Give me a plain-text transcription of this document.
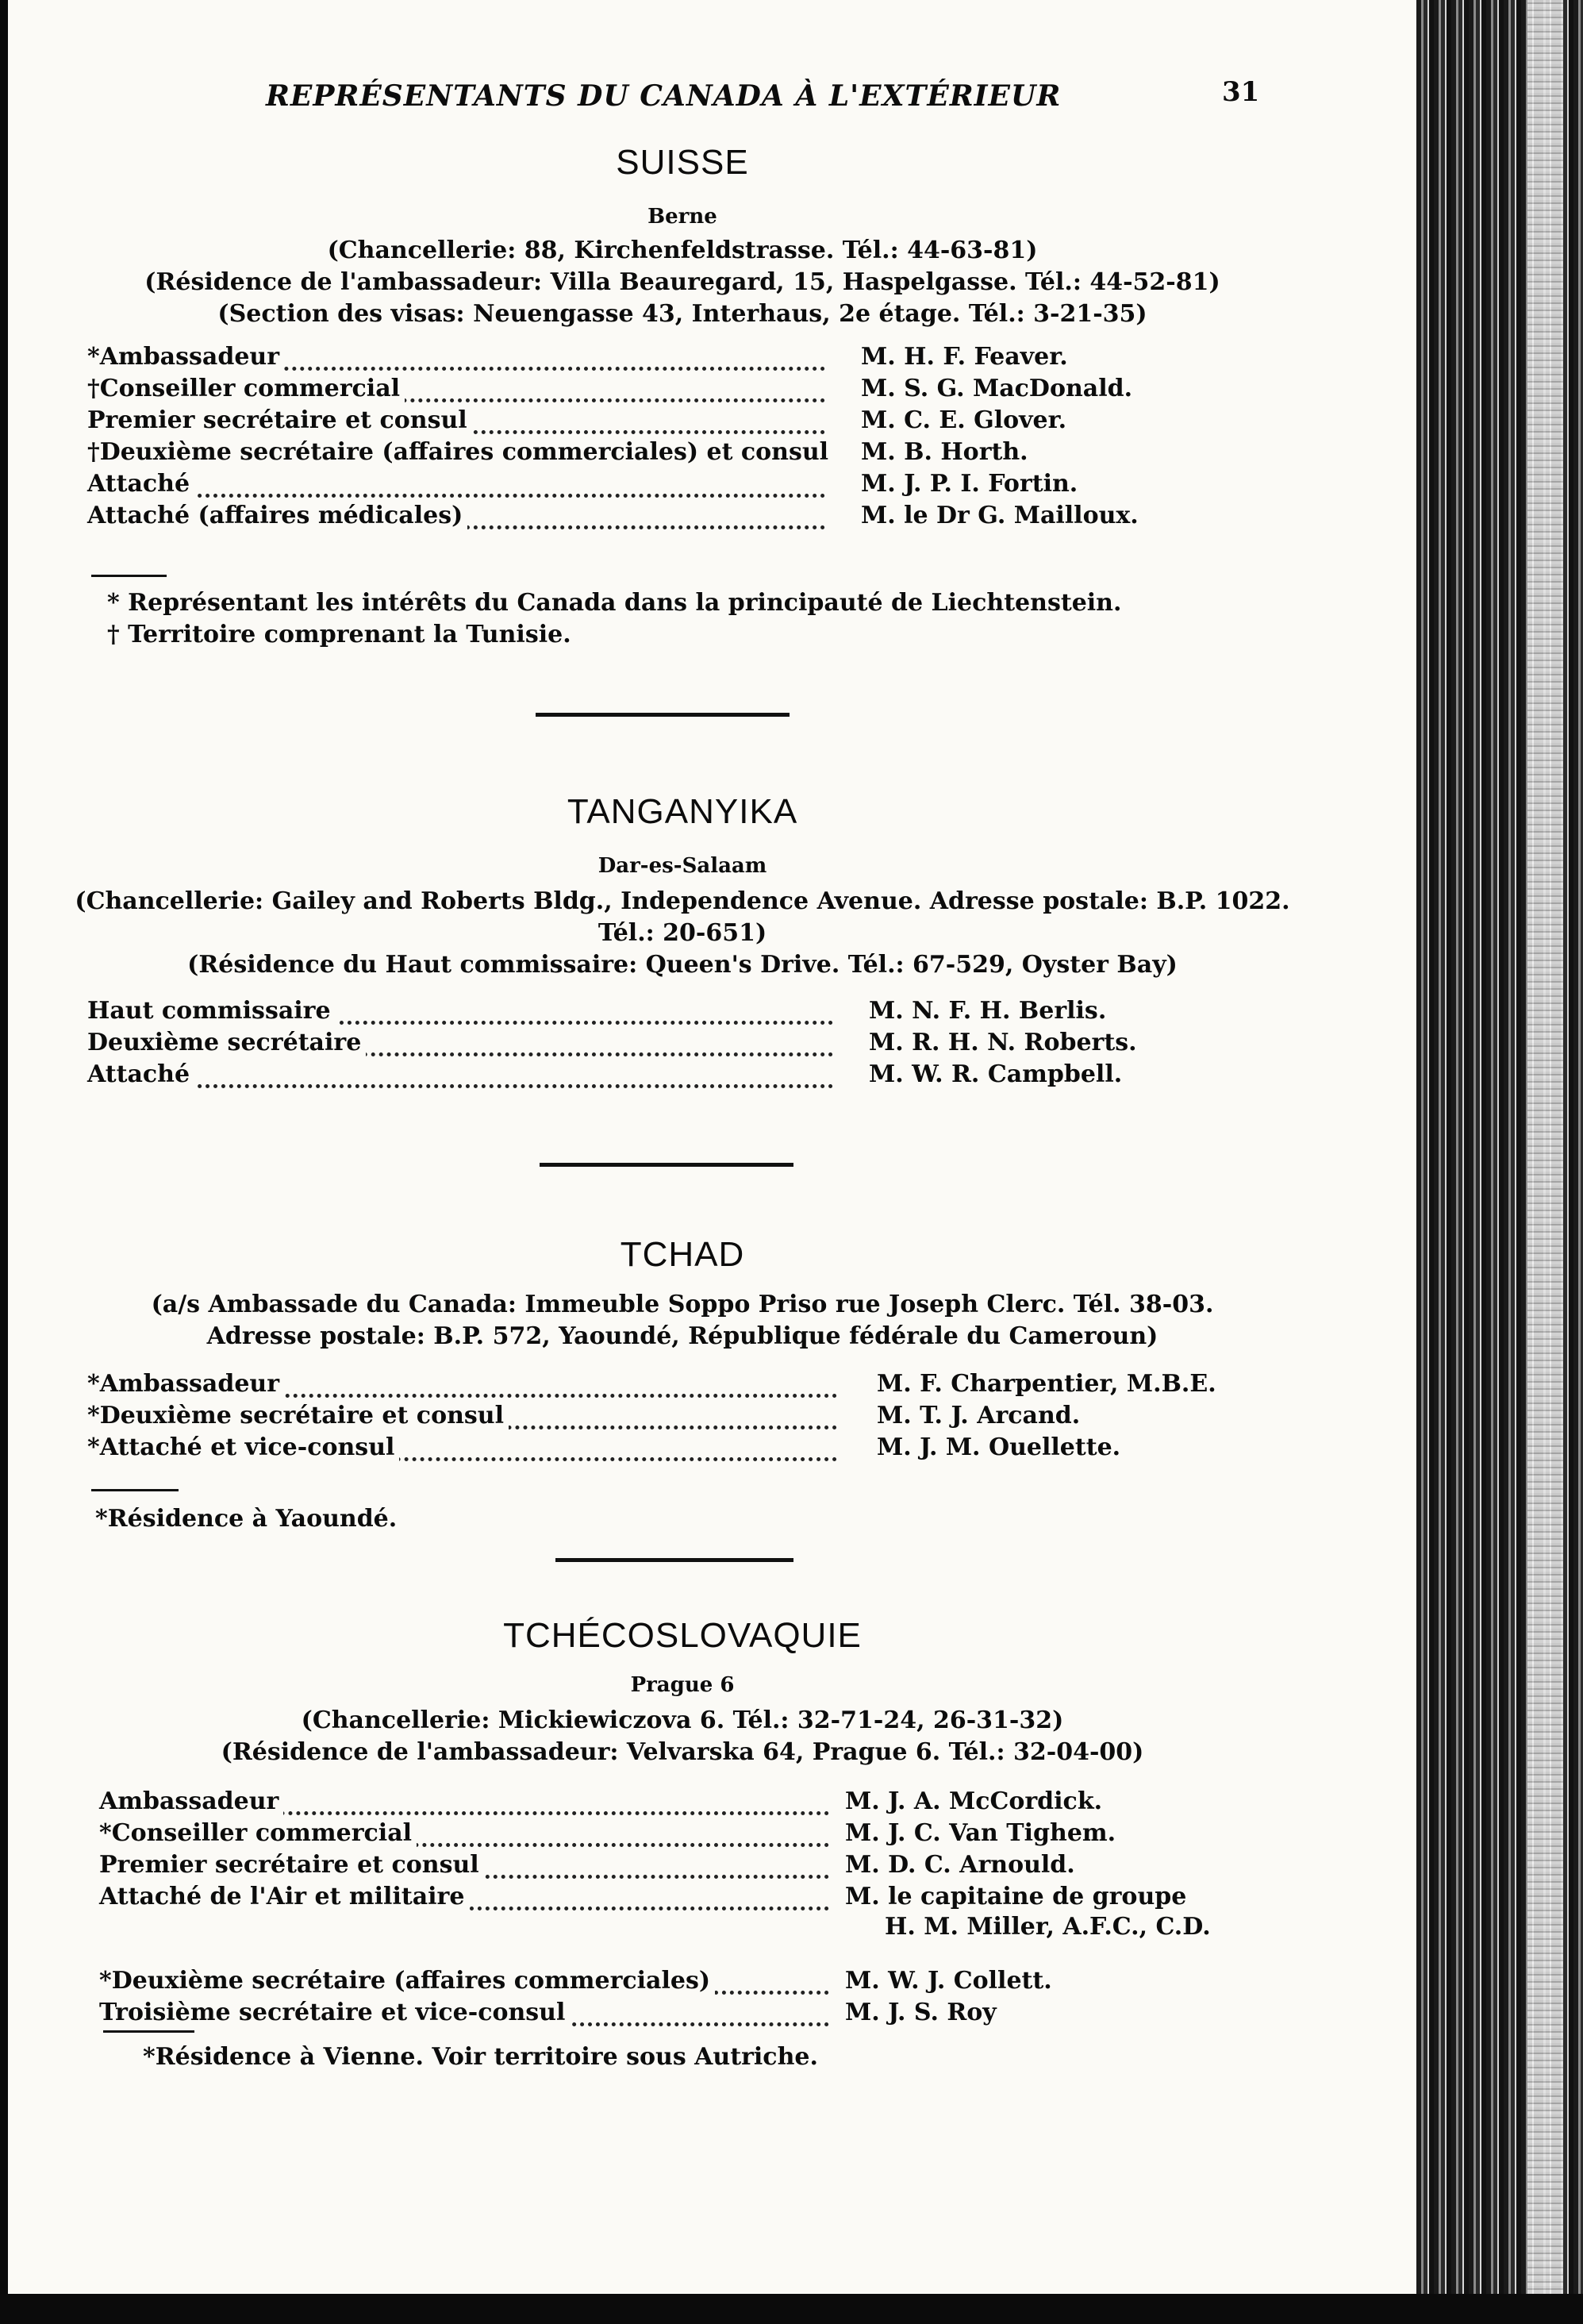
REPRÉSENTANTS DU CANADA À L'EXTÉRIEUR	31
SUISSE
Berne
(Chancellerie: 88, Kirchenfeldstrasse. Tél.: 44-63-81)
(Résidence de l'ambassadeur: Villa Beauregard, 15, Haspelgasse. Tél.: 44-52-81)
(Section des visas: Neuengasse 43, Interhaus, 2e étage. Tél.: 3-21-35)
*Ambassadeur	M. H. F. Feaver.
†Conseiller commercial	M. S. G. MacDonald.
Premier secrétaire et consul	M. C. E. Glover.
†Deuxième secrétaire (affaires commerciales) et consul M. B. Horth.
Attaché	M. J. P. I. Fortin.
Attaché (affaires médicales)	M. le Dr G. Mailloux.
* Représentant les intérêts du Canada dans la principauté de Liechtenstein.
† Territoire comprenant la Tunisie.
TANGANYIKA
Dar-es-Salaam
(Chancellerie: Gailey and Roberts Bldg., Independence Avenue. Adresse postale: B.P. 1022.
Tél.: 20-651)
(Résidence du Haut commissaire: Queen's Drive. Tél.: 67-529, Oyster Bay)
Haut commissaire	M. N. F. H. Berlis.
Deuxième secrétaire	M. R. H. N. Roberts.
Attaché	M. W. R. Campbell.
TCHAD
(a/s Ambassade du Canada: Immeuble Soppo Priso rue Joseph Clerc. Tél. 38-03.
Adresse postale: B.P. 572, Yaoundé, République fédérale du Cameroun)
*Ambassadeur	M. F. Charpentier, M.B.E.
*Deuxième secrétaire et consul	M. T. J. Arcand.
*Attaché et vice-consul	M. J. M. Ouellette.
*Résidence à Yaoundé.
TCHÉCOSLOVAQUIE
Prague 6
(Chancellerie: Mickiewiczova 6. Tél.: 32-71-24, 26-31-32)
(Résidence de l'ambassadeur: Velvarska 64, Prague 6. Tél.: 32-04-00)
Ambassadeur	M. J. A. McCordick.
*Conseiller commercial	M. J. C. Van Tighem.
Premier secrétaire et consul	M. D. C. Arnould.
Attaché de l'Air et militaire	M. le capitaine de groupe
H. M. Miller, A.F.C., C.D.
*Deuxième secrétaire (affaires commerciales)	M. W. J. Collett.
Troisième secrétaire et vice-consul	M. J. S. Roy
*Résidence à Vienne. Voir territoire sous Autriche.
